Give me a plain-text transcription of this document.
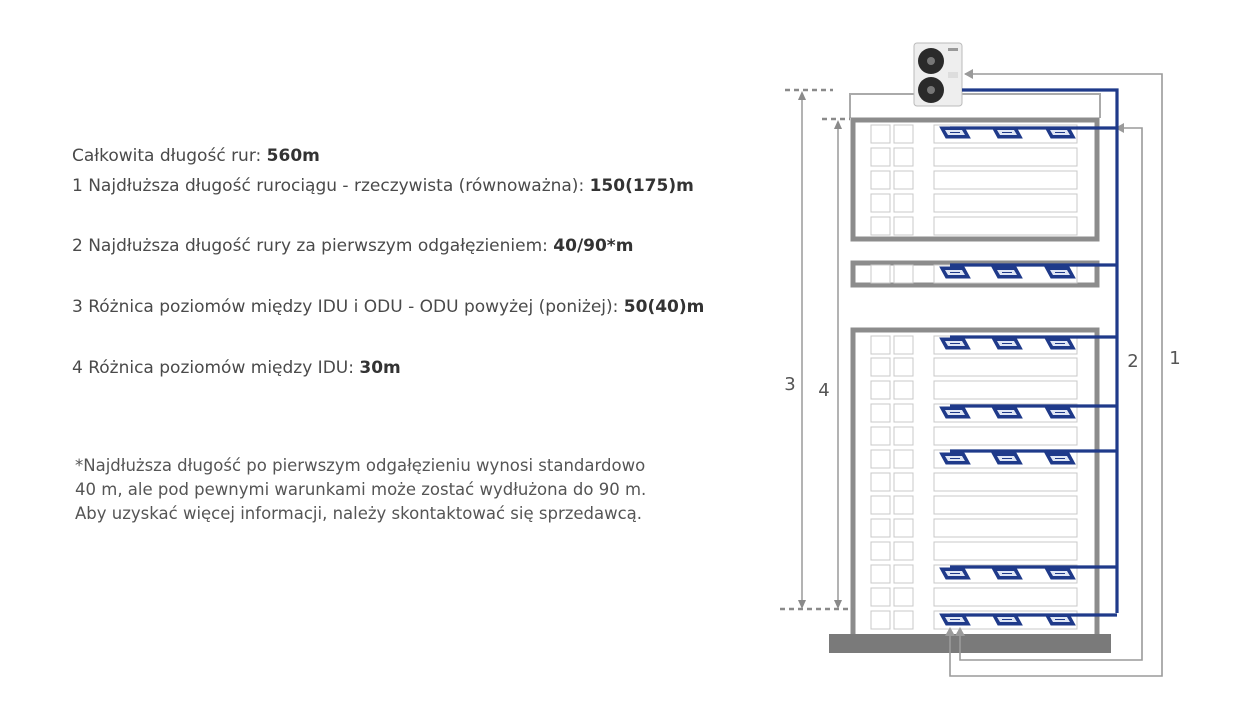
Całkowita długość rur: 560m

1 Najdłuższa długość rurociągu - rzeczywista (równoważna): 150(175)m

2 Najdłuższa długość rury za pierwszym odgałęzieniem: 40/90*m

3 Różnica poziomów między IDU i ODU - ODU powyżej (poniżej): 50(40)m

4 Różnica poziomów między IDU: 30m

*Najdłuższa długość po pierwszym odgałęzieniu wynosi standardowo
40 m, ale pod pewnymi warunkami może zostać wydłużona do 90 m.
Aby uzyskać więcej informacji, należy skontaktować się sprzedawcą.
1
2
3 4
